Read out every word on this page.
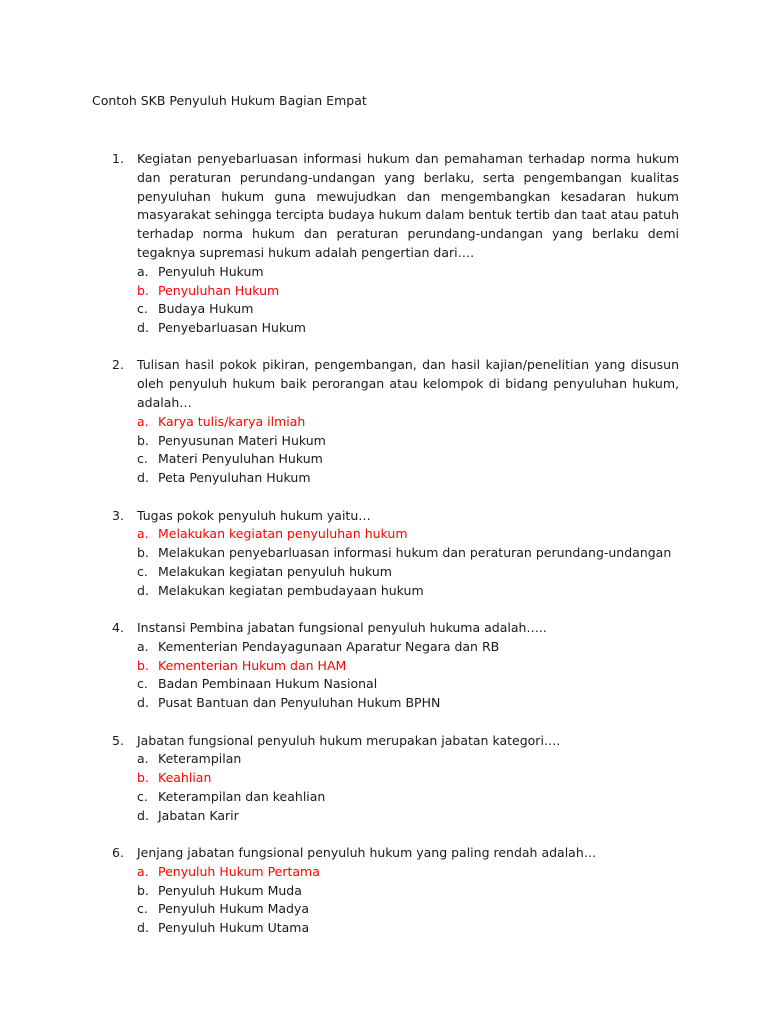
Contoh SKB Penyuluh Hukum Bagian Empat
1.	Kegiatan penyebarluasan informasi hukum dan pemahaman terhadap norma hukum dan peraturan perundang-undangan yang berlaku, serta pengembangan kualitas penyuluhan hukum guna mewujudkan dan mengembangkan kesadaran hukum masyarakat sehingga tercipta budaya hukum dalam bentuk tertib dan taat atau patuh terhadap norma hukum dan peraturan perundang-undangan yang berlaku demi tegaknya supremasi hukum adalah pengertian dari….
a. Penyuluh Hukum
b. Penyuluhan Hukum
c. Budaya Hukum
d. Penyebarluasan Hukum
2.	Tulisan hasil pokok pikiran, pengembangan, dan hasil kajian/penelitian yang disusun oleh penyuluh hukum baik perorangan atau kelompok di bidang penyuluhan hukum, adalah…
a. Karya tulis/karya ilmiah
b. Penyusunan Materi Hukum
c. Materi Penyuluhan Hukum
d. Peta Penyuluhan Hukum
3.	Tugas pokok penyuluh hukum yaitu…
a. Melakukan kegiatan penyuluhan hukum
b. Melakukan penyebarluasan informasi hukum dan peraturan perundang-undangan
c. Melakukan kegiatan penyuluh hukum
d. Melakukan kegiatan pembudayaan hukum
4.	Instansi Pembina jabatan fungsional penyuluh hukuma adalah…..
a. Kementerian Pendayagunaan Aparatur Negara dan RB
b. Kementerian Hukum dan HAM
c. Badan Pembinaan Hukum Nasional
d. Pusat Bantuan dan Penyuluhan Hukum BPHN
5.	Jabatan fungsional penyuluh hukum merupakan jabatan kategori….
a. Keterampilan
b. Keahlian
c. Keterampilan dan keahlian
d. Jabatan Karir
6.	Jenjang jabatan fungsional penyuluh hukum yang paling rendah adalah…
a. Penyuluh Hukum Pertama
b. Penyuluh Hukum Muda
c. Penyuluh Hukum Madya
d. Penyuluh Hukum Utama
